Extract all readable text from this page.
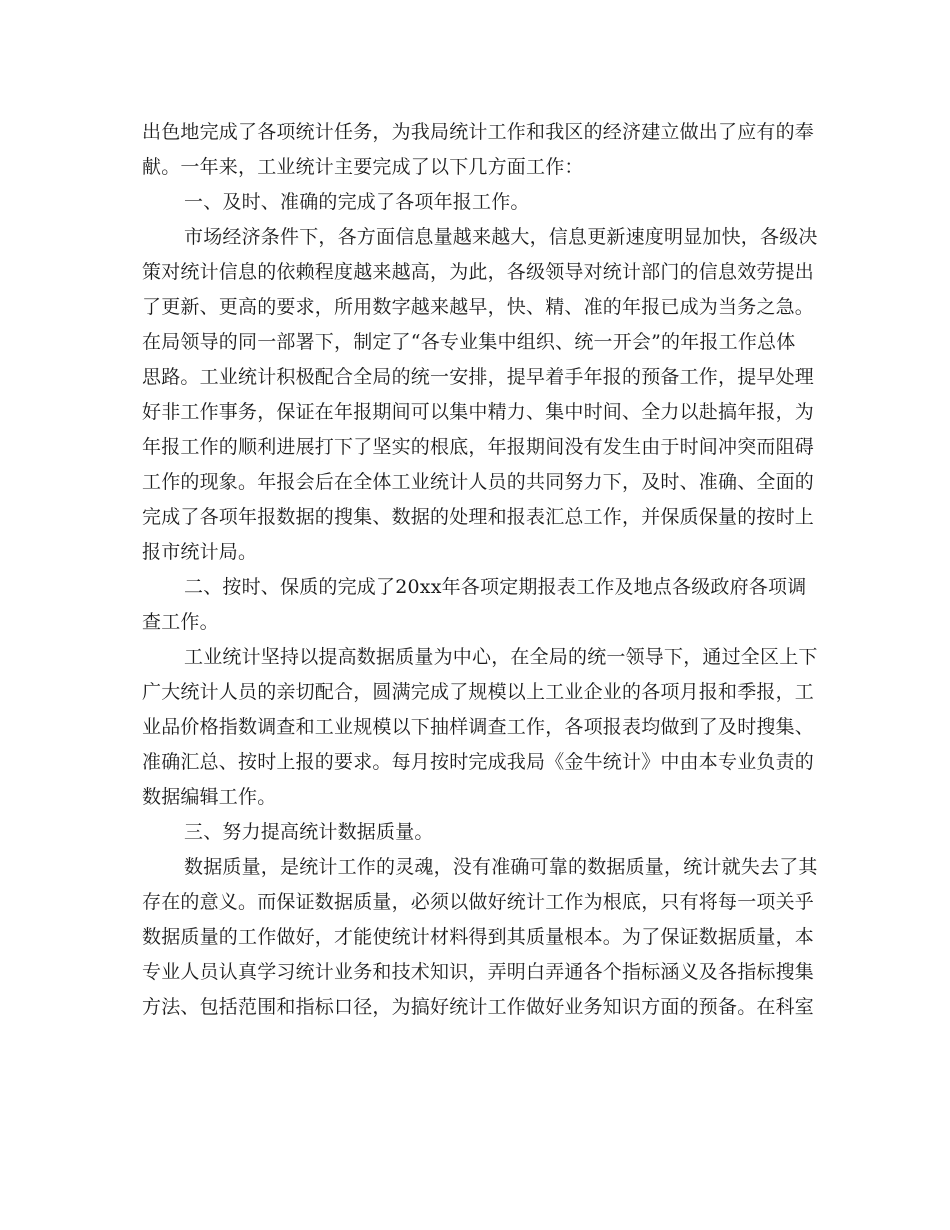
出色地完成了各项统计任务，为我局统计工作和我区的经济建立做出了应有的奉
献。一年来，工业统计主要完成了以下几方面工作：
一、及时、准确的完成了各项年报工作。
市场经济条件下，各方面信息量越来越大，信息更新速度明显加快，各级决
策对统计信息的依赖程度越来越高，为此，各级领导对统计部门的信息效劳提出
了更新、更高的要求，所用数字越来越早，快、精、准的年报已成为当务之急。
在局领导的同一部署下，制定了“各专业集中组织、统一开会”的年报工作总体
思路。工业统计积极配合全局的统一安排，提早着手年报的预备工作，提早处理
好非工作事务，保证在年报期间可以集中精力、集中时间、全力以赴搞年报，为
年报工作的顺利进展打下了坚实的根底，年报期间没有发生由于时间冲突而阻碍
工作的现象。年报会后在全体工业统计人员的共同努力下，及时、准确、全面的
完成了各项年报数据的搜集、数据的处理和报表汇总工作，并保质保量的按时上
报市统计局。
二、按时、保质的完成了20xx年各项定期报表工作及地点各级政府各项调
查工作。
工业统计坚持以提高数据质量为中心，在全局的统一领导下，通过全区上下
广大统计人员的亲切配合，圆满完成了规模以上工业企业的各项月报和季报，工
业品价格指数调查和工业规模以下抽样调查工作，各项报表均做到了及时搜集、
准确汇总、按时上报的要求。每月按时完成我局《金牛统计》中由本专业负责的
数据编辑工作。
三、努力提高统计数据质量。
数据质量，是统计工作的灵魂，没有准确可靠的数据质量，统计就失去了其
存在的意义。而保证数据质量，必须以做好统计工作为根底，只有将每一项关乎
数据质量的工作做好，才能使统计材料得到其质量根本。为了保证数据质量，本
专业人员认真学习统计业务和技术知识，弄明白弄通各个指标涵义及各指标搜集
方法、包括范围和指标口径，为搞好统计工作做好业务知识方面的预备。在科室
